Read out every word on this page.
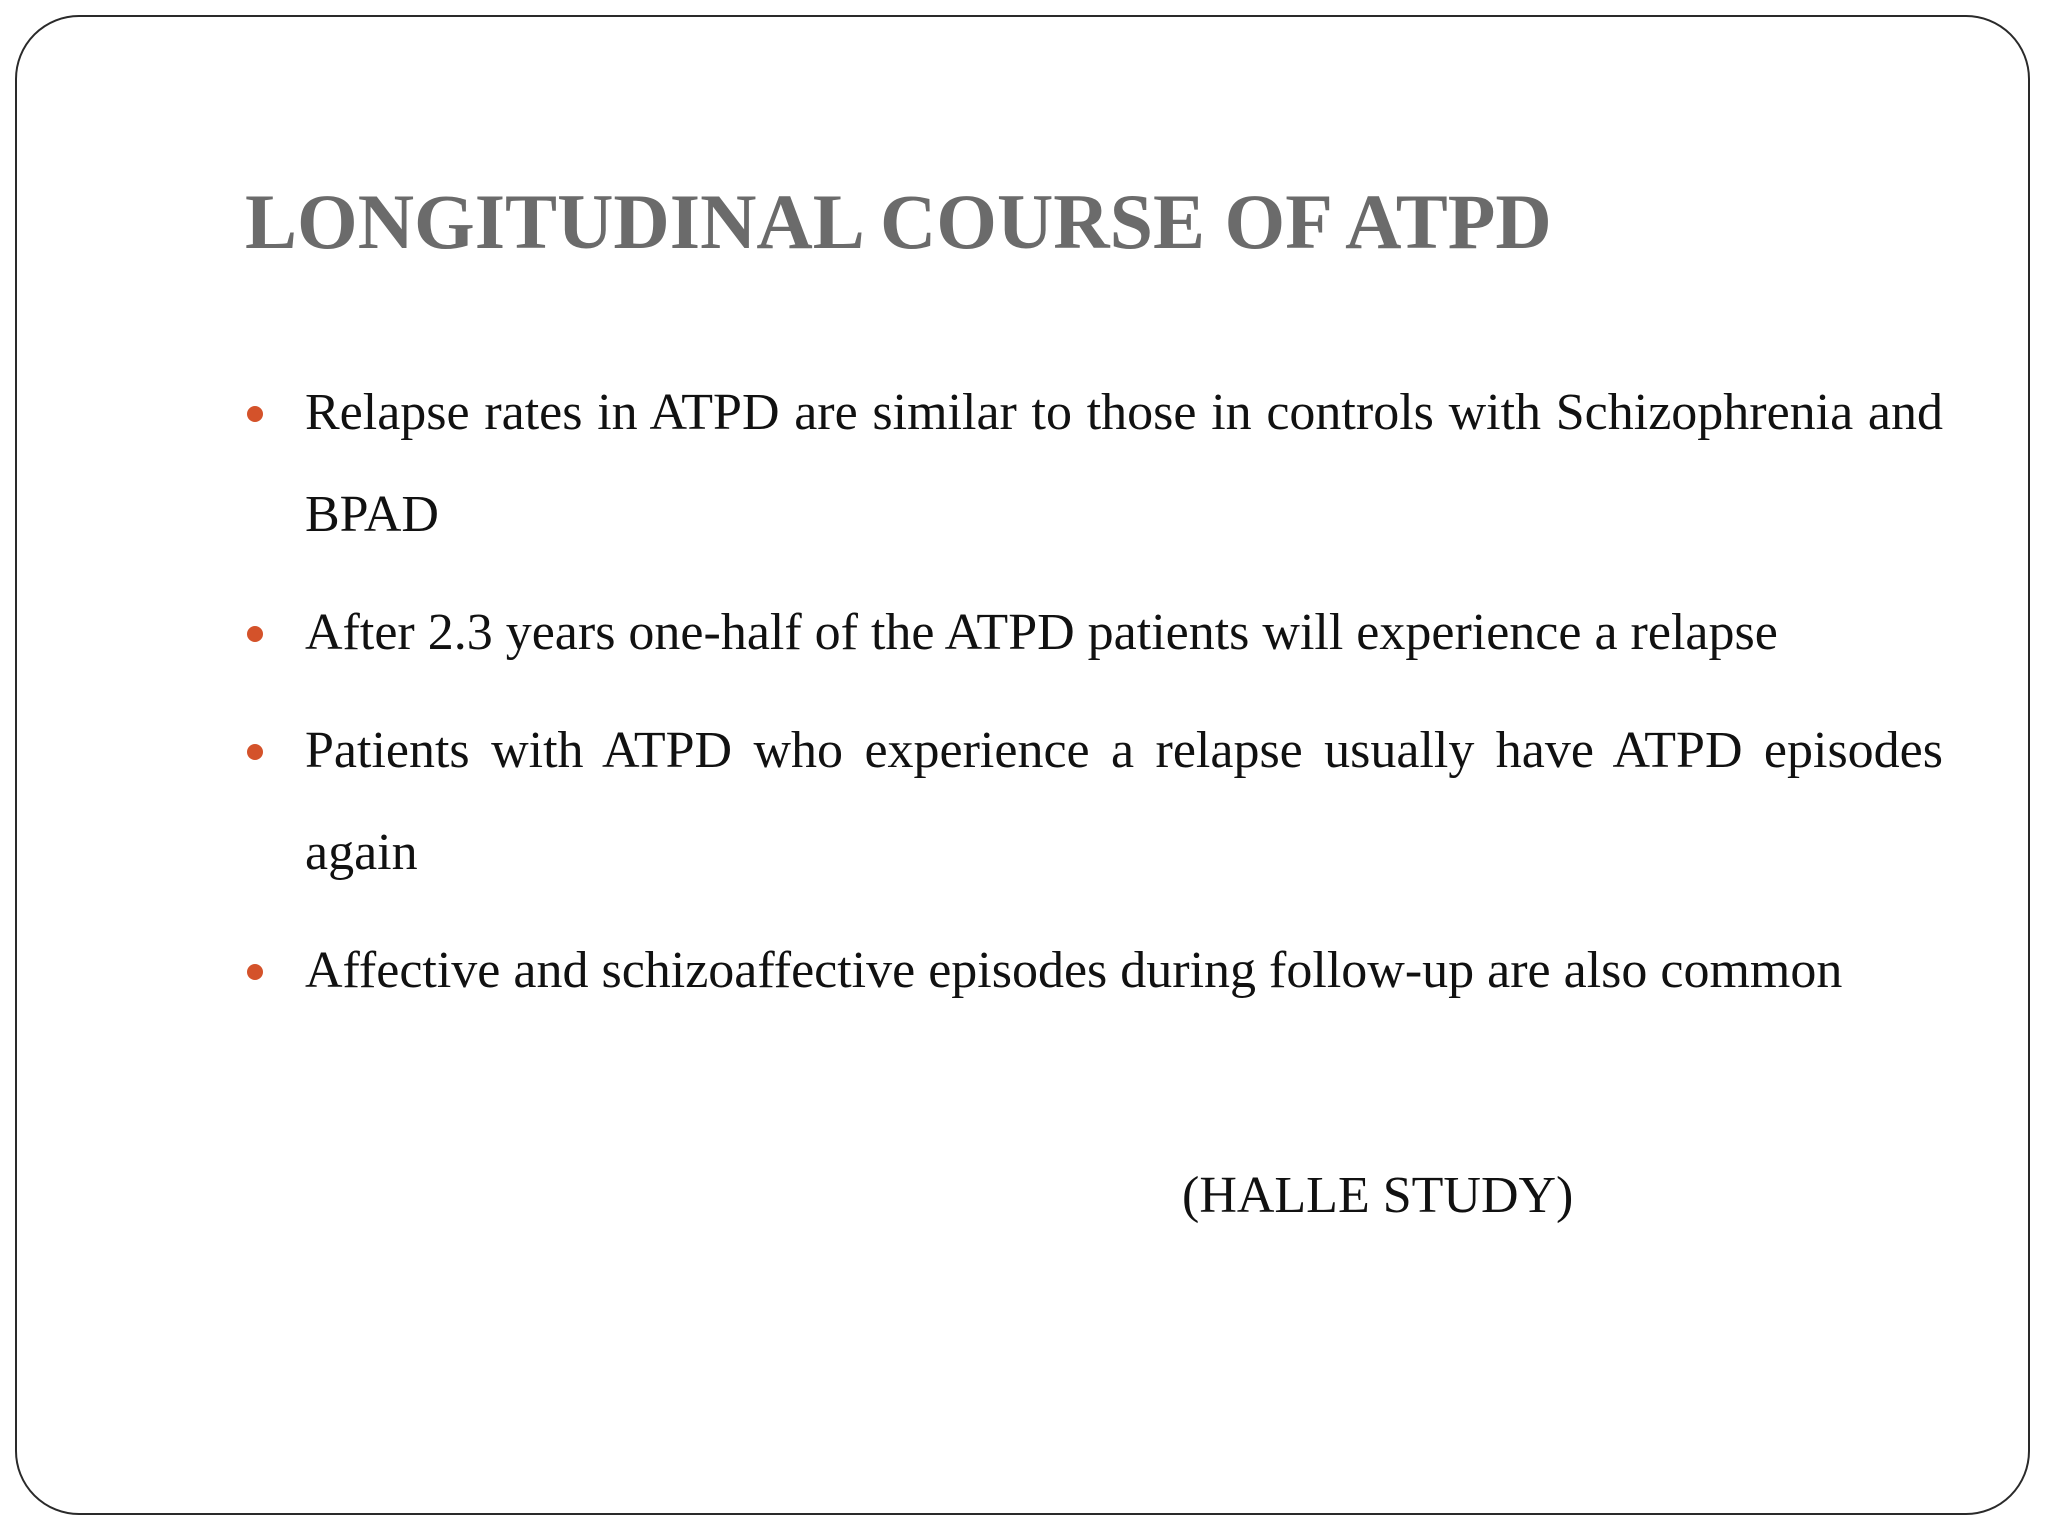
LONGITUDINAL COURSE OF ATPD
Relapse rates in ATPD are similar to those in controls with Schizophrenia and BPAD
After 2.3 years one-half of the ATPD patients will experience a relapse
Patients with ATPD who experience a relapse usually have ATPD episodes again
Affective and schizoaffective episodes during follow-up are also common

(HALLE STUDY)
